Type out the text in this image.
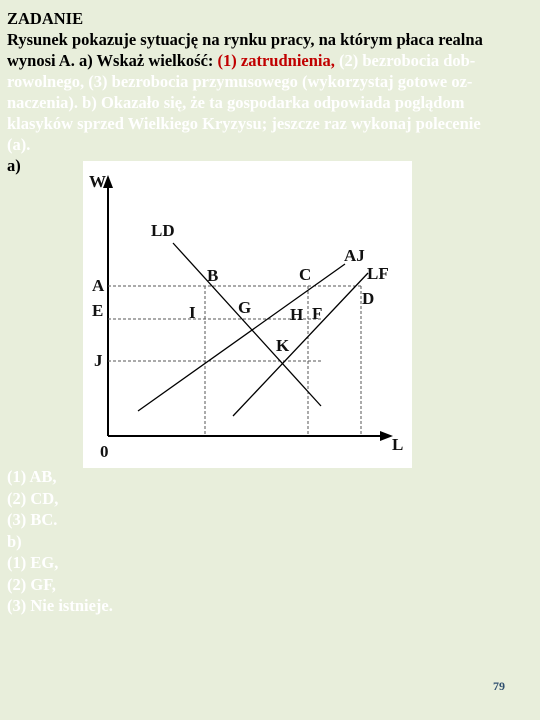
ZADANIE

Rysunek pokazuje sytuację na rynku pracy, na którym płaca realna

wynosi A. a) Wskaż wielkość: (1) zatrudnienia, (2) bezrobocia dob-

rowolnego, (3) bezrobocia przymusowego (wykorzystaj gotowe oz-

naczenia). b) Okazało się, że ta gospodarka odpowiada poglądom

klasyków sprzed Wielkiego Kryzysu; jeszcze raz wykonaj polecenie

(a).

a)

LD
AJ
LF
D
W
L
0
A
E
J
B	C
G
I	H F
K
(1) AB,
(2) CD,
(3) BC.
b)
(1) EG,
(2) GF,
(3) Nie istnieje.
79
